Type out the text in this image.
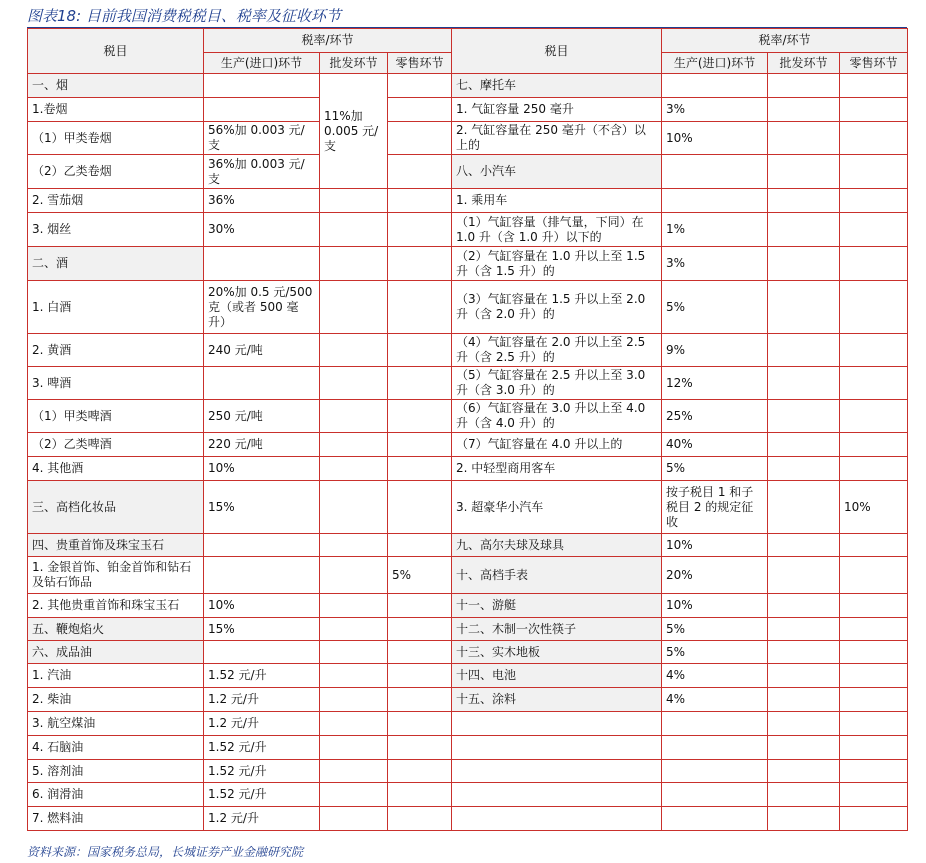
图表18: 目前我国消费税税目、税率及征收环节
税目	税率/环节			税目	税率/环节		
	生产(进口)环节	批发环节	零售环节		生产(进口)环节	批发环节	零售环节
一、烟		11%加 0.005 元/支		七、摩托车			
1.卷烟				1. 气缸容量 250 毫升	3%		
（1）甲类卷烟	56%加 0.003 元/支			2. 气缸容量在 250 毫升（不含）以上的	10%		
（2）乙类卷烟	36%加 0.003 元/支			八、小汽车			
2. 雪茄烟	36%			1. 乘用车			
3. 烟丝	30%			（1）气缸容量（排气量，下同）在 1.0 升（含 1.0 升）以下的	1%		
二、酒				（2）气缸容量在 1.0 升以上至 1.5 升（含 1.5 升）的	3%		
1. 白酒	20%加 0.5 元/500 克（或者 500 毫升）			（3）气缸容量在 1.5 升以上至 2.0 升（含 2.0 升）的	5%		
2. 黄酒	240 元/吨			（4）气缸容量在 2.0 升以上至 2.5 升（含 2.5 升）的	9%		
3. 啤酒				（5）气缸容量在 2.5 升以上至 3.0 升（含 3.0 升）的	12%		
（1）甲类啤酒	250 元/吨			（6）气缸容量在 3.0 升以上至 4.0 升（含 4.0 升）的	25%		
（2）乙类啤酒	220 元/吨			（7）气缸容量在 4.0 升以上的	40%		
4. 其他酒	10%			2. 中轻型商用客车	5%		
三、高档化妆品	15%			3. 超豪华小汽车	按子税目 1 和子税目 2 的规定征收		10%
四、贵重首饰及珠宝玉石				九、高尔夫球及球具	10%		
1. 金银首饰、铂金首饰和钻石及钻石饰品			5%	十、高档手表	20%		
2. 其他贵重首饰和珠宝玉石	10%			十一、游艇	10%		
五、鞭炮焰火	15%			十二、木制一次性筷子	5%		
六、成品油				十三、实木地板	5%		
1. 汽油	1.52 元/升			十四、电池	4%		
2. 柴油	1.2 元/升			十五、涂料	4%		
3. 航空煤油	1.2 元/升						
4. 石脑油	1.52 元/升						
5. 溶剂油	1.52 元/升						
6. 润滑油	1.52 元/升						
7. 燃料油	1.2 元/升						
资料来源：国家税务总局，长城证券产业金融研究院
